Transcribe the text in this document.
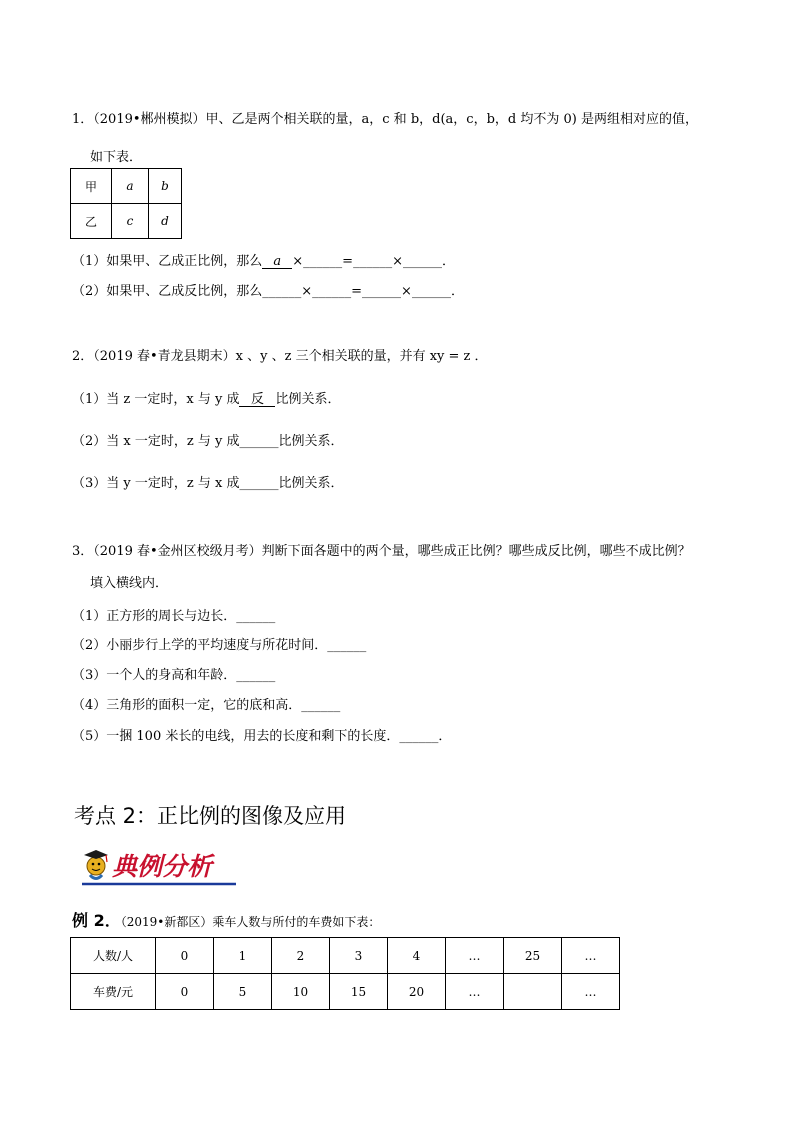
1．（2019•郴州模拟）甲、乙是两个相关联的量，a，c 和 b，d(a，c，b，d 均不为 0) 是两组相对应的值，
如下表．
甲	a	b
乙	c	d
（1）如果甲、乙成正比例，那么 a ×______=______×______．
（2）如果甲、乙成反比例，那么______×______=______×______．
2．（2019 春•青龙县期末）x 、y 、z 三个相关联的量，并有 xy = z ．
（1）当 z 一定时，x 与 y 成 反 比例关系．
（2）当 x 一定时，z 与 y 成______比例关系．
（3）当 y 一定时，z 与 x 成______比例关系．
3．（2019 春•金州区校级月考）判断下面各题中的两个量，哪些成正比例？哪些成反比例，哪些不成比例？
填入横线内．
（1）正方形的周长与边长．______
（2）小丽步行上学的平均速度与所花时间．______
（3）一个人的身高和年龄．______
（4）三角形的面积一定，它的底和高．______
（5）一捆 100 米长的电线，用去的长度和剩下的长度．______．
考点 2：正比例的图像及应用
典例分析
例 2．（2019•新都区）乘车人数与所付的车费如下表：
人数/人	0	1	2	3	4	…	25	…
车费/元	0	5	10	15	20	…		…
